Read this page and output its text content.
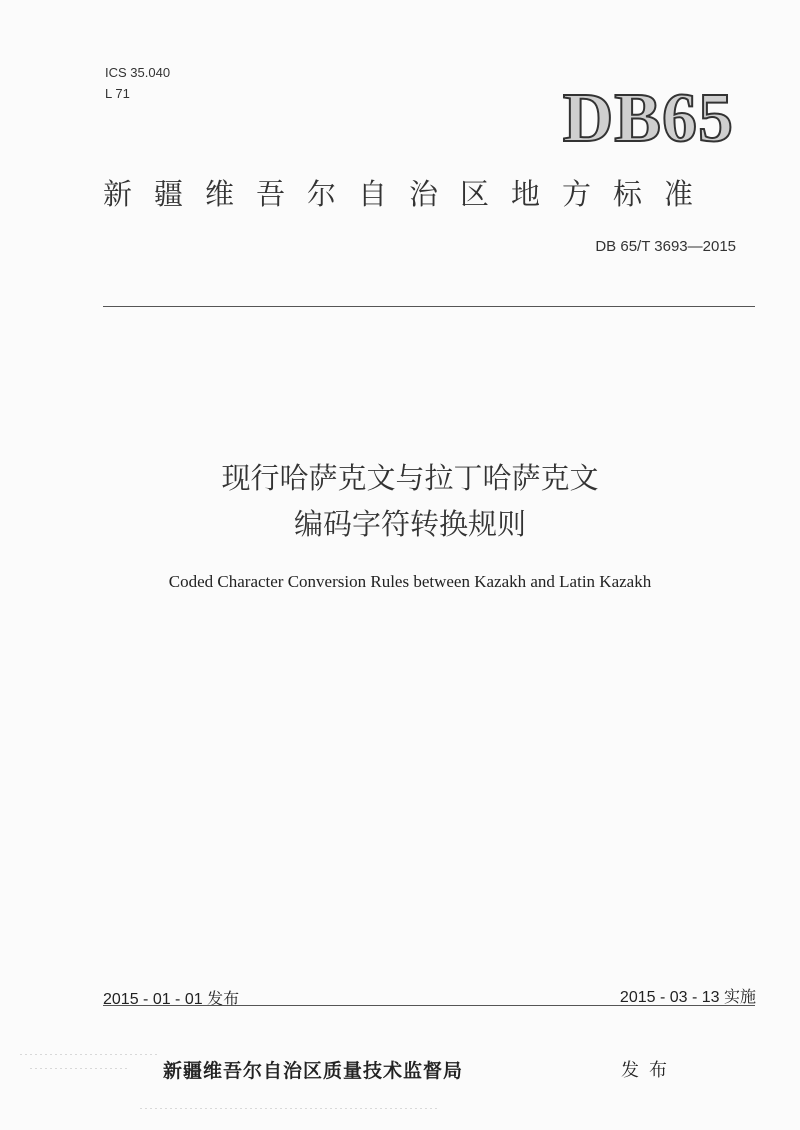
ICS 35.040
L 71	DB65
新疆维吾尔自治区地方标准
DB 65/T 3693—2015
现行哈萨克文与拉丁哈萨克文
编码字符转换规则
Coded Character Conversion Rules between Kazakh and Latin Kazakh
2015 - 01 - 01 发布	2015 - 03 - 13 实施
新疆维吾尔自治区质量技术监督局	发布
